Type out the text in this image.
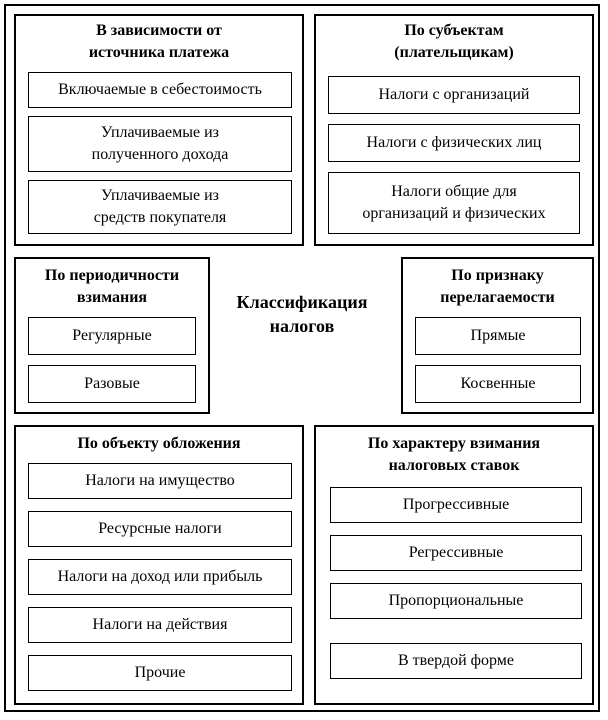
В зависимости от
источника платежа
Включаемые в себестоимость
Уплачиваемые из
полученного дохода
Уплачиваемые из
средств покупателя
По субъектам
(плательщикам)
Налоги с организаций
Налоги с физических лиц
Налоги общие для
организаций и физических
По периодичности
взимания
Регулярные
Разовые
Классификация
налогов
По признаку
перелагаемости
Прямые
Косвенные
По объекту обложения
Налоги на имущество
Ресурсные налоги
Налоги на доход или прибыль
Налоги на действия
Прочие
По характеру взимания
налоговых ставок
Прогрессивные
Регрессивные
Пропорциональные
В твердой форме
